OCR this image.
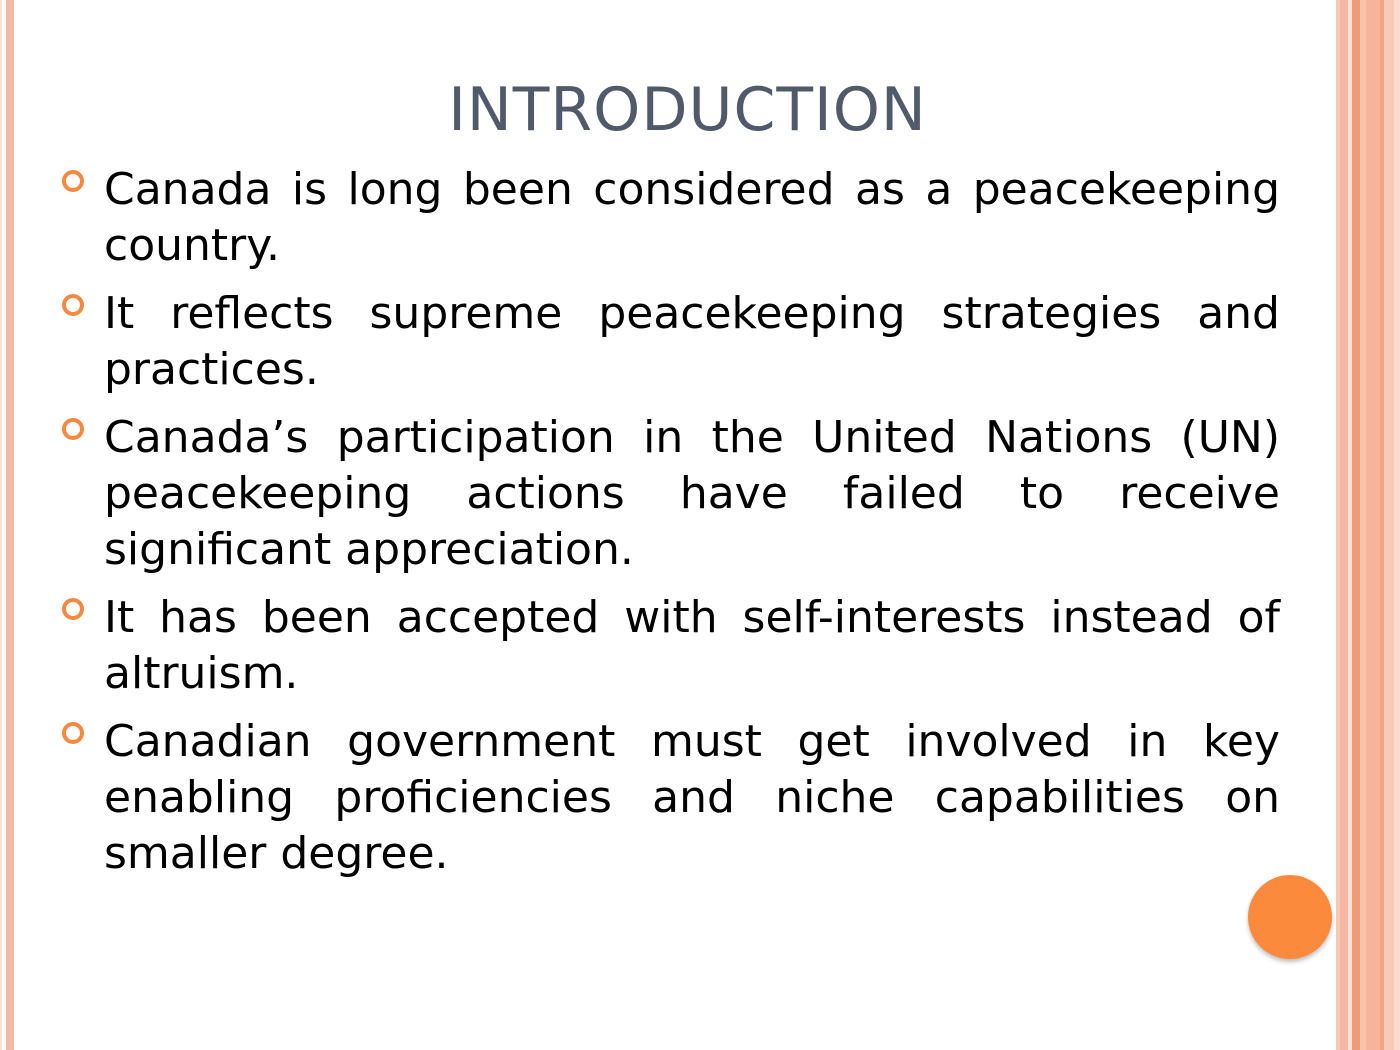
INTRODUCTION
Canada is long been considered as a peacekeeping country.
It reflects supreme peacekeeping strategies and practices.
Canada’s participation in the United Nations (UN) peacekeeping actions have failed to receive significant appreciation.
It has been accepted with self-interests instead of altruism.
Canadian government must get involved in key enabling proficiencies and niche capabilities on smaller degree.
